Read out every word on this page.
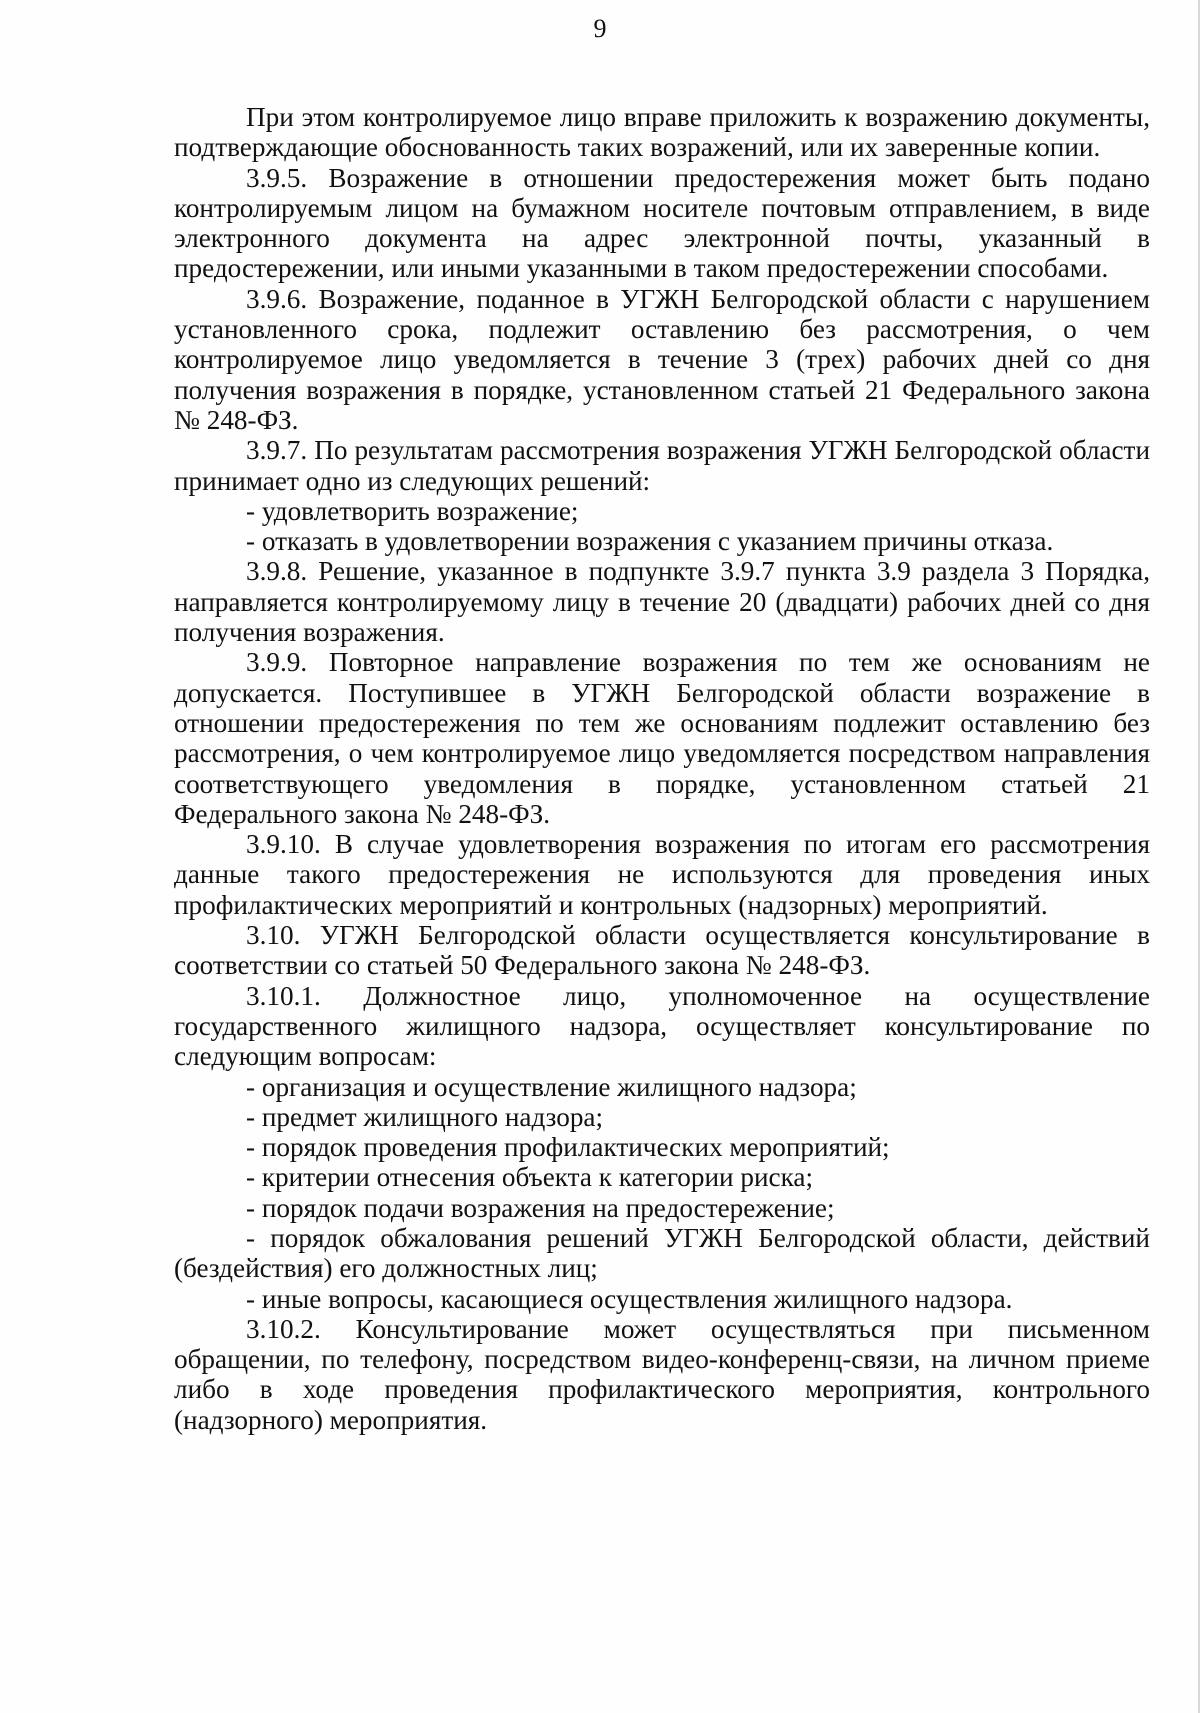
9

При этом контролируемое лицо вправе приложить к возражению документы, подтверждающие обоснованность таких возражений, или их заверенные копии.

3.9.5. Возражение в отношении предостережения может быть подано контролируемым лицом на бумажном носителе почтовым отправлением, в виде электронного документа на адрес электронной почты, указанный в предостережении, или иными указанными в таком предостережении способами.

3.9.6. Возражение, поданное в УГЖН Белгородской области с нарушением установленного срока, подлежит оставлению без рассмотрения, о чем контролируемое лицо уведомляется в течение 3 (трех) рабочих дней со дня получения возражения в порядке, установленном статьей 21 Федерального закона № 248-ФЗ.

3.9.7. По результатам рассмотрения возражения УГЖН Белгородской области принимает одно из следующих решений:

- удовлетворить возражение;

- отказать в удовлетворении возражения с указанием причины отказа.

3.9.8. Решение, указанное в подпункте 3.9.7 пункта 3.9 раздела 3 Порядка, направляется контролируемому лицу в течение 20 (двадцати) рабочих дней со дня получения возражения.

3.9.9. Повторное направление возражения по тем же основаниям не допускается. Поступившее в УГЖН Белгородской области возражение в отношении предостережения по тем же основаниям подлежит оставлению без рассмотрения, о чем контролируемое лицо уведомляется посредством направления соответствующего уведомления в порядке, установленном статьей 21 Федерального закона № 248-ФЗ.

3.9.10. В случае удовлетворения возражения по итогам его рассмотрения данные такого предостережения не используются для проведения иных профилактических мероприятий и контрольных (надзорных) мероприятий.

3.10. УГЖН Белгородской области осуществляется консультирование в соответствии со статьей 50 Федерального закона № 248-ФЗ.

3.10.1. Должностное лицо, уполномоченное на осуществление государственного жилищного надзора, осуществляет консультирование по следующим вопросам:

- организация и осуществление жилищного надзора;

- предмет жилищного надзора;

- порядок проведения профилактических мероприятий;

- критерии отнесения объекта к категории риска;

- порядок подачи возражения на предостережение;

- порядок обжалования решений УГЖН Белгородской области, действий (бездействия) его должностных лиц;

- иные вопросы, касающиеся осуществления жилищного надзора.

3.10.2. Консультирование может осуществляться при письменном обращении, по телефону, посредством видео-конференц-связи, на личном приеме либо в ходе проведения профилактического мероприятия, контрольного (надзорного) мероприятия.
